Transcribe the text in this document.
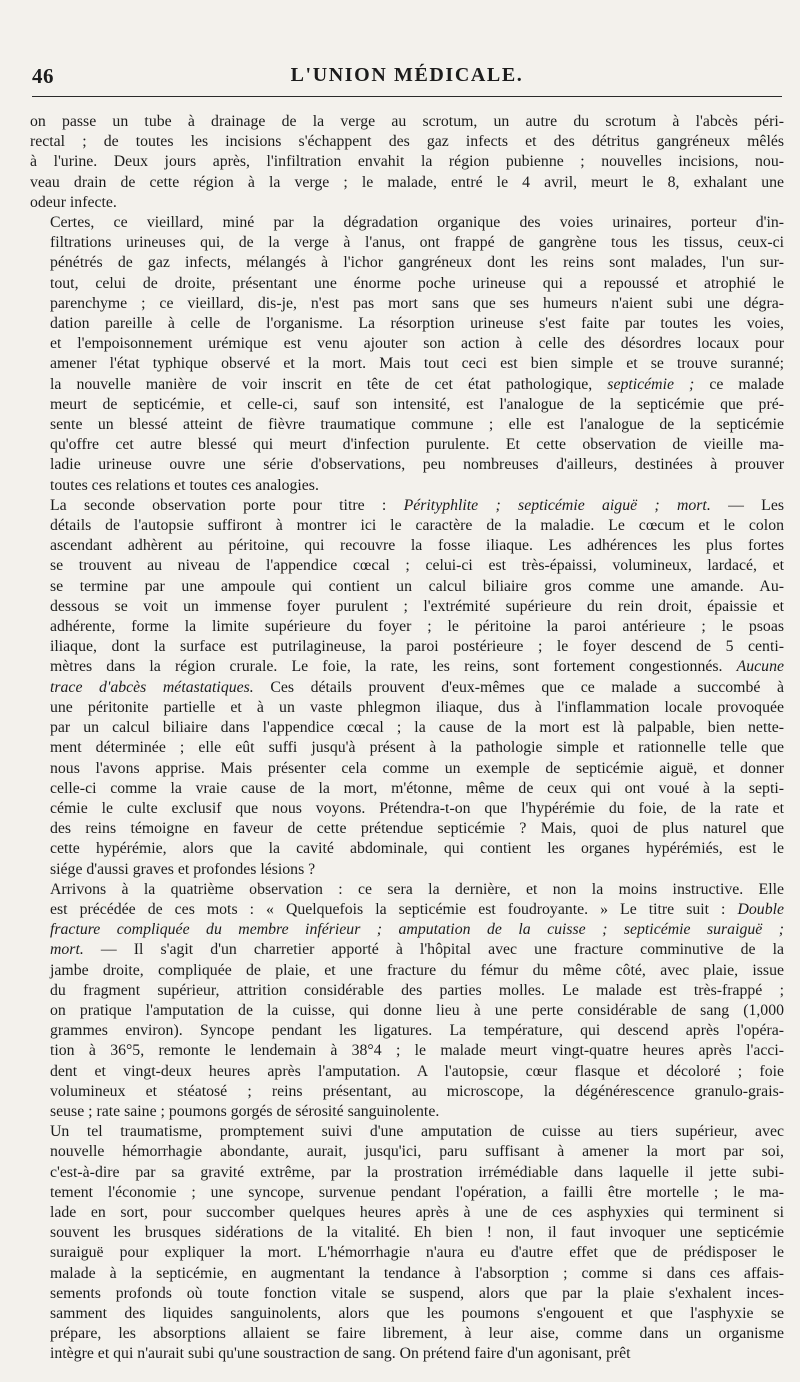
46	L'UNION MÉDICALE.

on passe un tube à drainage de la verge au scrotum, un autre du scrotum à l'abcès péri-
rectal ; de toutes les incisions s'échappent des gaz infects et des détritus gangréneux mêlés
à l'urine. Deux jours après, l'infiltration envahit la région pubienne ; nouvelles incisions, nou-
veau drain de cette région à la verge ; le malade, entré le 4 avril, meurt le 8, exhalant une
odeur infecte.

Certes, ce vieillard, miné par la dégradation organique des voies urinaires, porteur d'in-
filtrations urineuses qui, de la verge à l'anus, ont frappé de gangrène tous les tissus, ceux-ci
pénétrés de gaz infects, mélangés à l'ichor gangréneux dont les reins sont malades, l'un sur-
tout, celui de droite, présentant une énorme poche urineuse qui a repoussé et atrophié le
parenchyme ; ce vieillard, dis-je, n'est pas mort sans que ses humeurs n'aient subi une dégra-
dation pareille à celle de l'organisme. La résorption urineuse s'est faite par toutes les voies,
et l'empoisonnement urémique est venu ajouter son action à celle des désordres locaux pour
amener l'état typhique observé et la mort. Mais tout ceci est bien simple et se trouve suranné;
la nouvelle manière de voir inscrit en tête de cet état pathologique, septicémie ; ce malade
meurt de septicémie, et celle-ci, sauf son intensité, est l'analogue de la septicémie que pré-
sente un blessé atteint de fièvre traumatique commune ; elle est l'analogue de la septicémie
qu'offre cet autre blessé qui meurt d'infection purulente. Et cette observation de vieille ma-
ladie urineuse ouvre une série d'observations, peu nombreuses d'ailleurs, destinées à prouver
toutes ces relations et toutes ces analogies.

La seconde observation porte pour titre : Pérityphlite ; septicémie aiguë ; mort. — Les
détails de l'autopsie suffiront à montrer ici le caractère de la maladie. Le cœcum et le colon
ascendant adhèrent au péritoine, qui recouvre la fosse iliaque. Les adhérences les plus fortes
se trouvent au niveau de l'appendice cœcal ; celui-ci est très-épaissi, volumineux, lardacé, et
se termine par une ampoule qui contient un calcul biliaire gros comme une amande. Au-
dessous se voit un immense foyer purulent ; l'extrémité supérieure du rein droit, épaissie et
adhérente, forme la limite supérieure du foyer ; le péritoine la paroi antérieure ; le psoas
iliaque, dont la surface est putrilagineuse, la paroi postérieure ; le foyer descend de 5 centi-
mètres dans la région crurale. Le foie, la rate, les reins, sont fortement congestionnés. Aucune
trace d'abcès métastatiques. Ces détails prouvent d'eux-mêmes que ce malade a succombé à
une péritonite partielle et à un vaste phlegmon iliaque, dus à l'inflammation locale provoquée
par un calcul biliaire dans l'appendice cœcal ; la cause de la mort est là palpable, bien nette-
ment déterminée ; elle eût suffi jusqu'à présent à la pathologie simple et rationnelle telle que
nous l'avons apprise. Mais présenter cela comme un exemple de septicémie aiguë, et donner
celle-ci comme la vraie cause de la mort, m'étonne, même de ceux qui ont voué à la septi-
cémie le culte exclusif que nous voyons. Prétendra-t-on que l'hypérémie du foie, de la rate et
des reins témoigne en faveur de cette prétendue septicémie ? Mais, quoi de plus naturel que
cette hypérémie, alors que la cavité abdominale, qui contient les organes hypérémiés, est le
siége d'aussi graves et profondes lésions ?

Arrivons à la quatrième observation : ce sera la dernière, et non la moins instructive. Elle
est précédée de ces mots : « Quelquefois la septicémie est foudroyante. » Le titre suit : Double
fracture compliquée du membre inférieur ; amputation de la cuisse ; septicémie suraiguë ;
mort. — Il s'agit d'un charretier apporté à l'hôpital avec une fracture comminutive de la
jambe droite, compliquée de plaie, et une fracture du fémur du même côté, avec plaie, issue
du fragment supérieur, attrition considérable des parties molles. Le malade est très-frappé ;
on pratique l'amputation de la cuisse, qui donne lieu à une perte considérable de sang (1,000
grammes environ). Syncope pendant les ligatures. La température, qui descend après l'opéra-
tion à 36°5, remonte le lendemain à 38°4 ; le malade meurt vingt-quatre heures après l'acci-
dent et vingt-deux heures après l'amputation. A l'autopsie, cœur flasque et décoloré ; foie
volumineux et stéatosé ; reins présentant, au microscope, la dégénérescence granulo-grais-
seuse ; rate saine ; poumons gorgés de sérosité sanguinolente.

Un tel traumatisme, promptement suivi d'une amputation de cuisse au tiers supérieur, avec
nouvelle hémorrhagie abondante, aurait, jusqu'ici, paru suffisant à amener la mort par soi,
c'est-à-dire par sa gravité extrême, par la prostration irrémédiable dans laquelle il jette subi-
tement l'économie ; une syncope, survenue pendant l'opération, a failli être mortelle ; le ma-
lade en sort, pour succomber quelques heures après à une de ces asphyxies qui terminent si
souvent les brusques sidérations de la vitalité. Eh bien ! non, il faut invoquer une septicémie
suraiguë pour expliquer la mort. L'hémorrhagie n'aura eu d'autre effet que de prédisposer le
malade à la septicémie, en augmentant la tendance à l'absorption ; comme si dans ces affais-
sements profonds où toute fonction vitale se suspend, alors que par la plaie s'exhalent inces-
samment des liquides sanguinolents, alors que les poumons s'engouent et que l'asphyxie se
prépare, les absorptions allaient se faire librement, à leur aise, comme dans un organisme
intègre et qui n'aurait subi qu'une soustraction de sang. On prétend faire d'un agonisant, prêt
